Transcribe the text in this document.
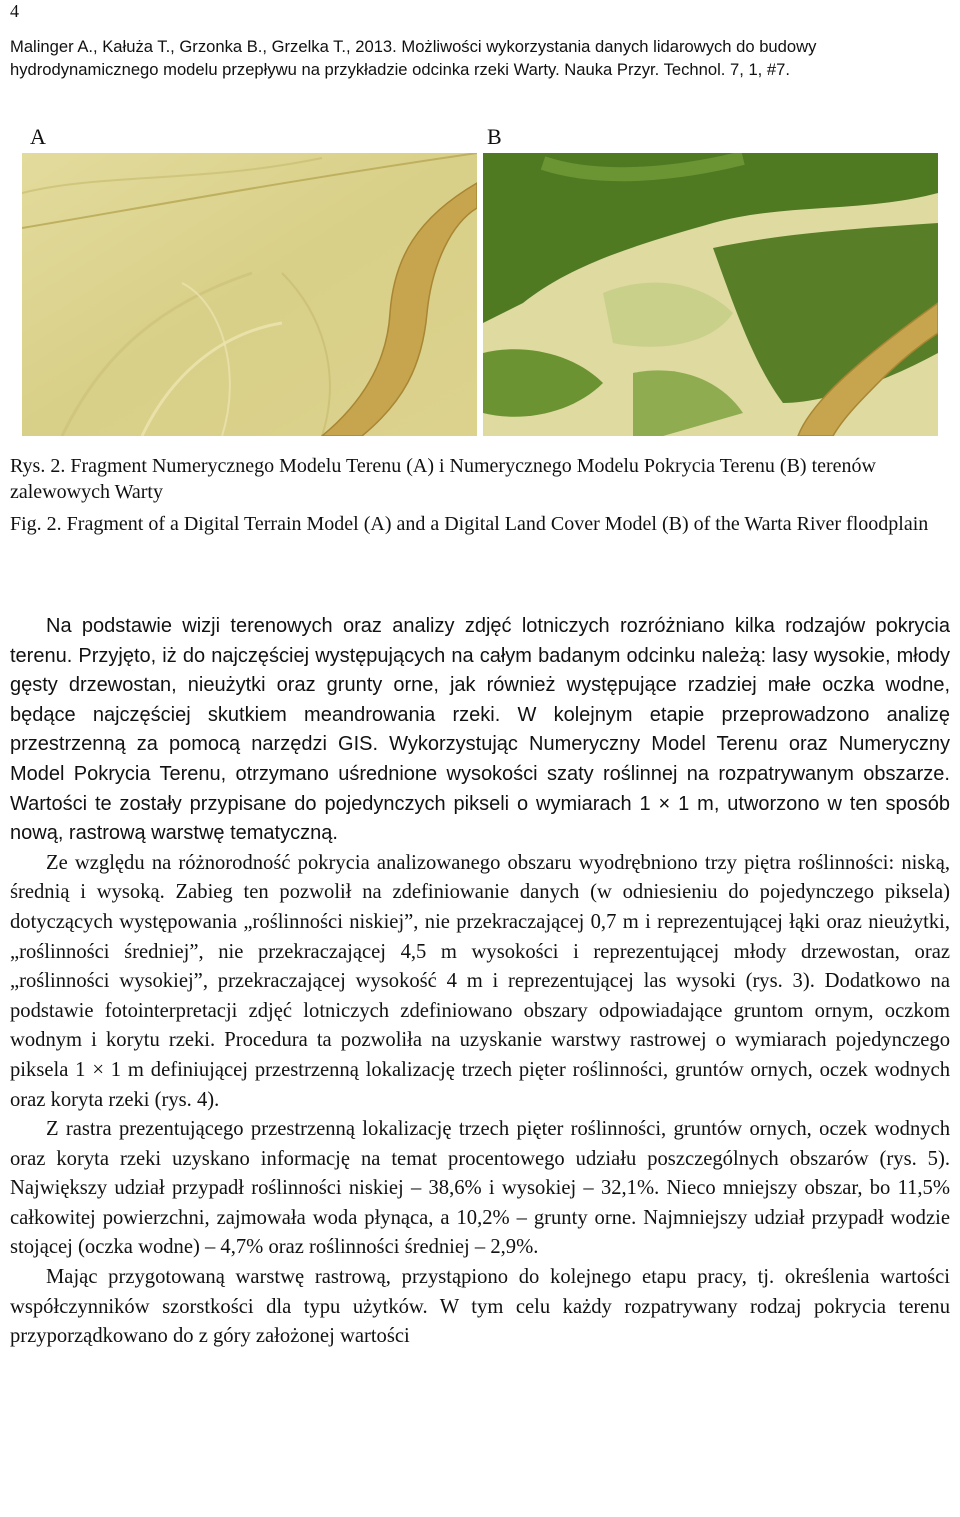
4
Malinger A., Kałuża T., Grzonka B., Grzelka T., 2013. Możliwości wykorzystania danych lidarowych do budowy hydrodynamicznego modelu przepływu na przykładzie odcinka rzeki Warty. Nauka Przyr. Technol. 7, 1, #7.
A	B
Rys. 2. Fragment Numerycznego Modelu Terenu (A) i Numerycznego Modelu Pokrycia Terenu (B) terenów zalewowych Warty
Fig. 2. Fragment of a Digital Terrain Model (A) and a Digital Land Cover Model (B) of the Warta River floodplain

Na podstawie wizji terenowych oraz analizy zdjęć lotniczych rozróżniano kilka rodzajów pokrycia terenu. Przyjęto, iż do najczęściej występujących na całym badanym odcinku należą: lasy wysokie, młody gęsty drzewostan, nieużytki oraz grunty orne, jak również występujące rzadziej małe oczka wodne, będące najczęściej skutkiem meandrowania rzeki. W kolejnym etapie przeprowadzono analizę przestrzenną za pomocą narzędzi GIS. Wykorzystując Numeryczny Model Terenu oraz Numeryczny Model Pokrycia Terenu, otrzymano uśrednione wysokości szaty roślinnej na rozpatrywanym obszarze. Wartości te zostały przypisane do pojedynczych pikseli o wymiarach 1 × 1 m, utworzono w ten sposób nową, rastrową warstwę tematyczną.

Ze względu na różnorodność pokrycia analizowanego obszaru wyodrębniono trzy piętra roślinności: niską, średnią i wysoką. Zabieg ten pozwolił na zdefiniowanie danych (w odniesieniu do pojedynczego piksela) dotyczących występowania „roślinności niskiej”, nie przekraczającej 0,7 m i reprezentującej łąki oraz nieużytki, „roślinności średniej”, nie przekraczającej 4,5 m wysokości i reprezentującej młody drzewostan, oraz „roślinności wysokiej”, przekraczającej wysokość 4 m i reprezentującej las wysoki (rys. 3). Dodatkowo na podstawie fotointerpretacji zdjęć lotniczych zdefiniowano obszary odpowiadające gruntom ornym, oczkom wodnym i korytu rzeki. Procedura ta pozwoliła na uzyskanie warstwy rastrowej o wymiarach pojedynczego piksela 1 × 1 m definiującej przestrzenną lokalizację trzech pięter roślinności, gruntów ornych, oczek wodnych oraz koryta rzeki (rys. 4).

Z rastra prezentującego przestrzenną lokalizację trzech pięter roślinności, gruntów ornych, oczek wodnych oraz koryta rzeki uzyskano informację na temat procentowego udziału poszczególnych obszarów (rys. 5). Największy udział przypadł roślinności niskiej – 38,6% i wysokiej – 32,1%. Nieco mniejszy obszar, bo 11,5% całkowitej powierzchni, zajmowała woda płynąca, a 10,2% – grunty orne. Najmniejszy udział przypadł wodzie stojącej (oczka wodne) – 4,7% oraz roślinności średniej – 2,9%.

Mając przygotowaną warstwę rastrową, przystąpiono do kolejnego etapu pracy, tj. określenia wartości współczynników szorstkości dla typu użytków. W tym celu każdy rozpatrywany rodzaj pokrycia terenu przyporządkowano do z góry założonej wartości
